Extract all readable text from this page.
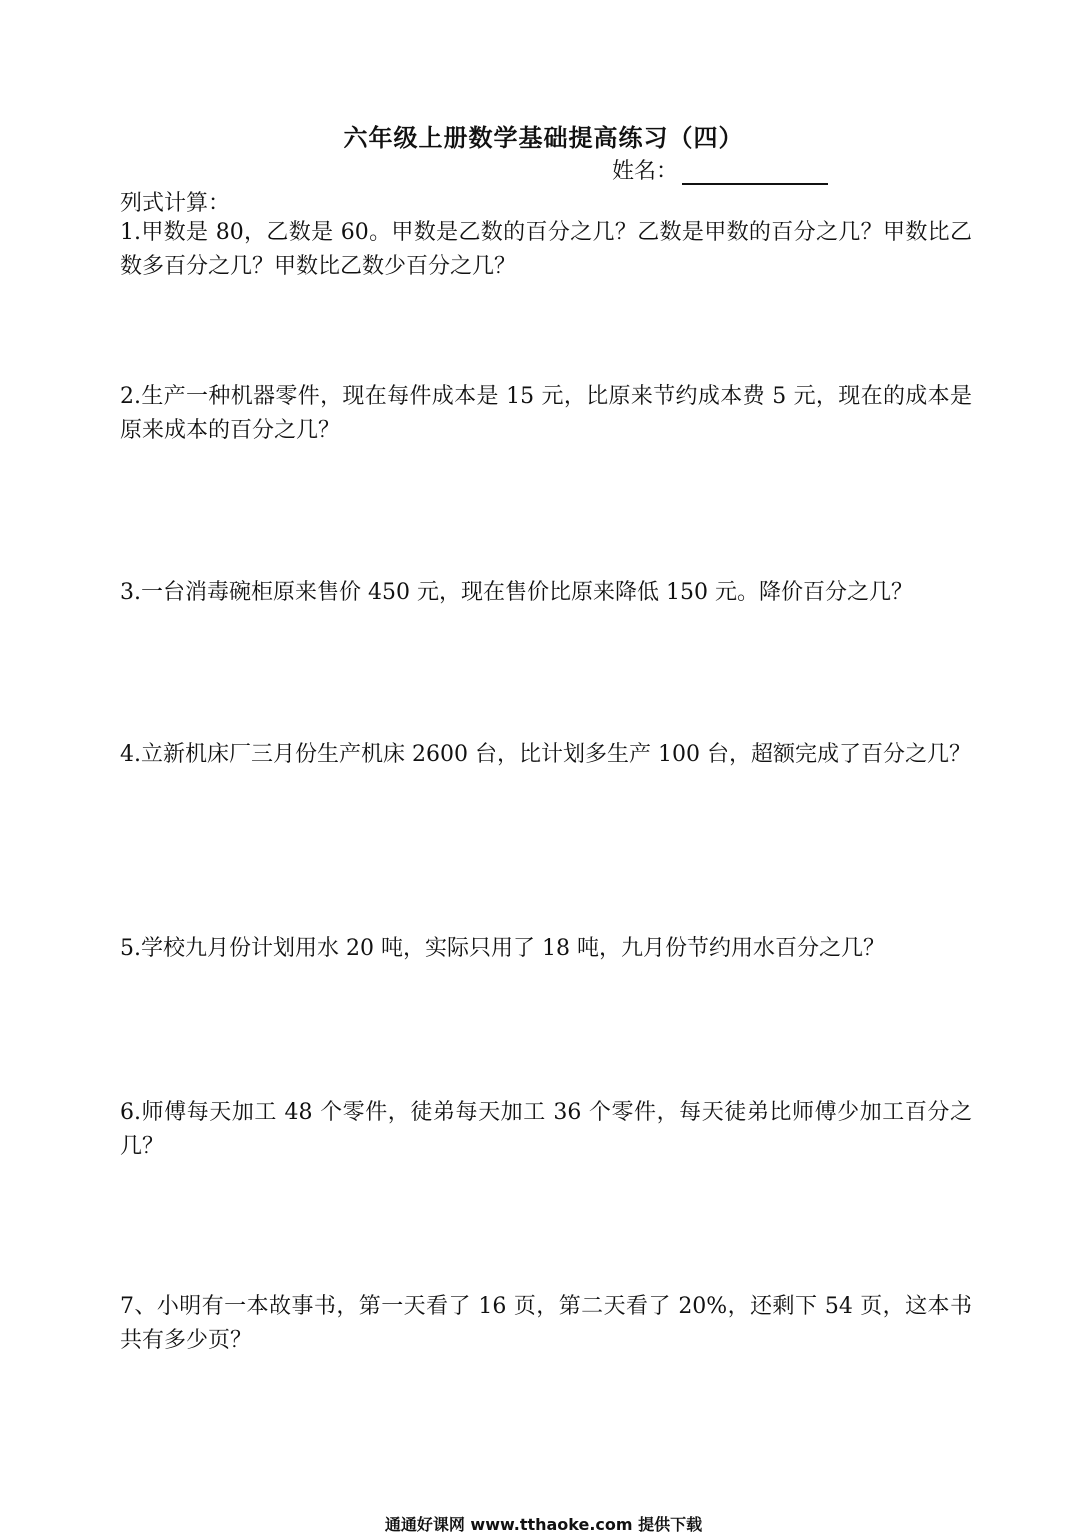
六年级上册数学基础提高练习（四）
姓名：
列式计算：
1.甲数是 80，乙数是 60。甲数是乙数的百分之几？乙数是甲数的百分之几？甲数比乙数多百分之几？甲数比乙数少百分之几？
2.生产一种机器零件，现在每件成本是 15 元，比原来节约成本费 5 元，现在的成本是原来成本的百分之几？
3.一台消毒碗柜原来售价 450 元，现在售价比原来降低 150 元。降价百分之几？
4.立新机床厂三月份生产机床 2600 台，比计划多生产 100 台，超额完成了百分之几？
5.学校九月份计划用水 20 吨，实际只用了 18 吨，九月份节约用水百分之几？
6.师傅每天加工 48 个零件，徒弟每天加工 36 个零件，每天徒弟比师傅少加工百分之几？
7、小明有一本故事书，第一天看了 16 页，第二天看了 20%，还剩下 54 页，这本书共有多少页？
通通好课网 www.tthaoke.com 提供下载
